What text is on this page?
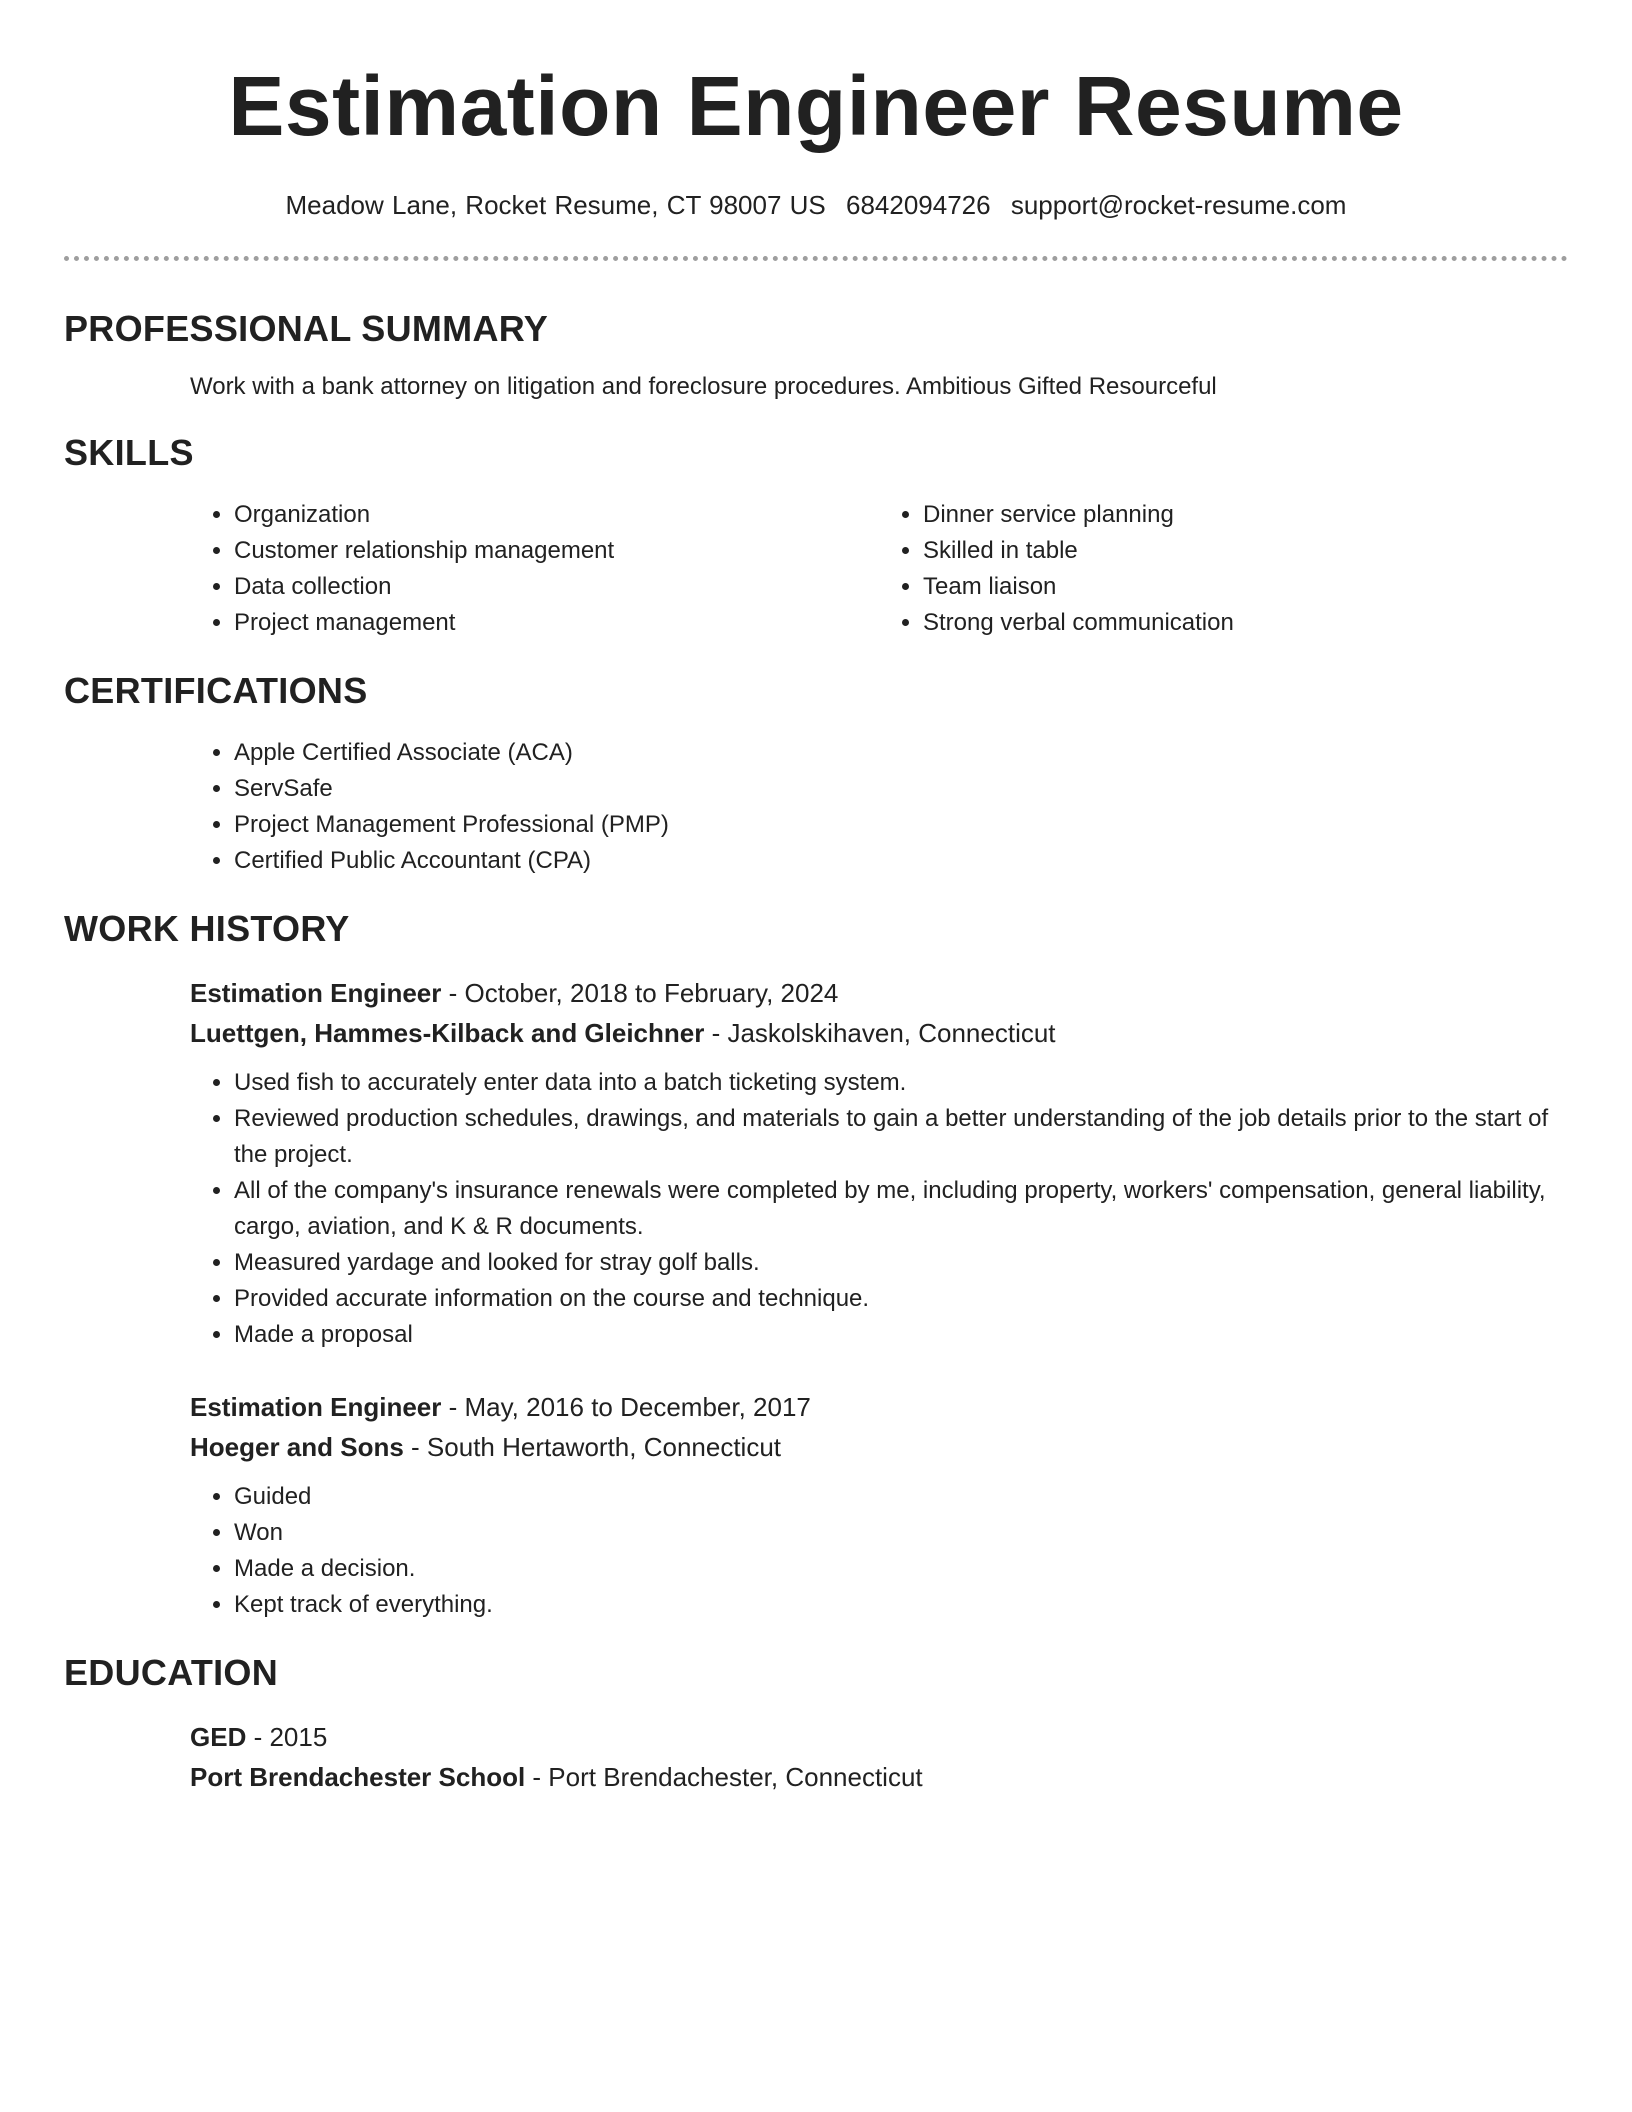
Estimation Engineer Resume
Meadow Lane, Rocket Resume, CT 98007 US 6842094726 support@rocket-resume.com
PROFESSIONAL SUMMARY
Work with a bank attorney on litigation and foreclosure procedures. Ambitious Gifted Resourceful
SKILLS
• Organization
• Customer relationship management
• Data collection
• Project management
• Dinner service planning
• Skilled in table
• Team liaison
• Strong verbal communication
CERTIFICATIONS
• Apple Certified Associate (ACA)
• ServSafe
• Project Management Professional (PMP)
• Certified Public Accountant (CPA)
WORK HISTORY
Estimation Engineer - October, 2018 to February, 2024
Luettgen, Hammes-Kilback and Gleichner - Jaskolskihaven, Connecticut
• Used fish to accurately enter data into a batch ticketing system.
• Reviewed production schedules, drawings, and materials to gain a better understanding of the job details prior to the start of the project.
• All of the company's insurance renewals were completed by me, including property, workers' compensation, general liability, cargo, aviation, and K & R documents.
• Measured yardage and looked for stray golf balls.
• Provided accurate information on the course and technique.
• Made a proposal
Estimation Engineer - May, 2016 to December, 2017
Hoeger and Sons - South Hertaworth, Connecticut
• Guided
• Won
• Made a decision.
• Kept track of everything.
EDUCATION
GED - 2015
Port Brendachester School - Port Brendachester, Connecticut
